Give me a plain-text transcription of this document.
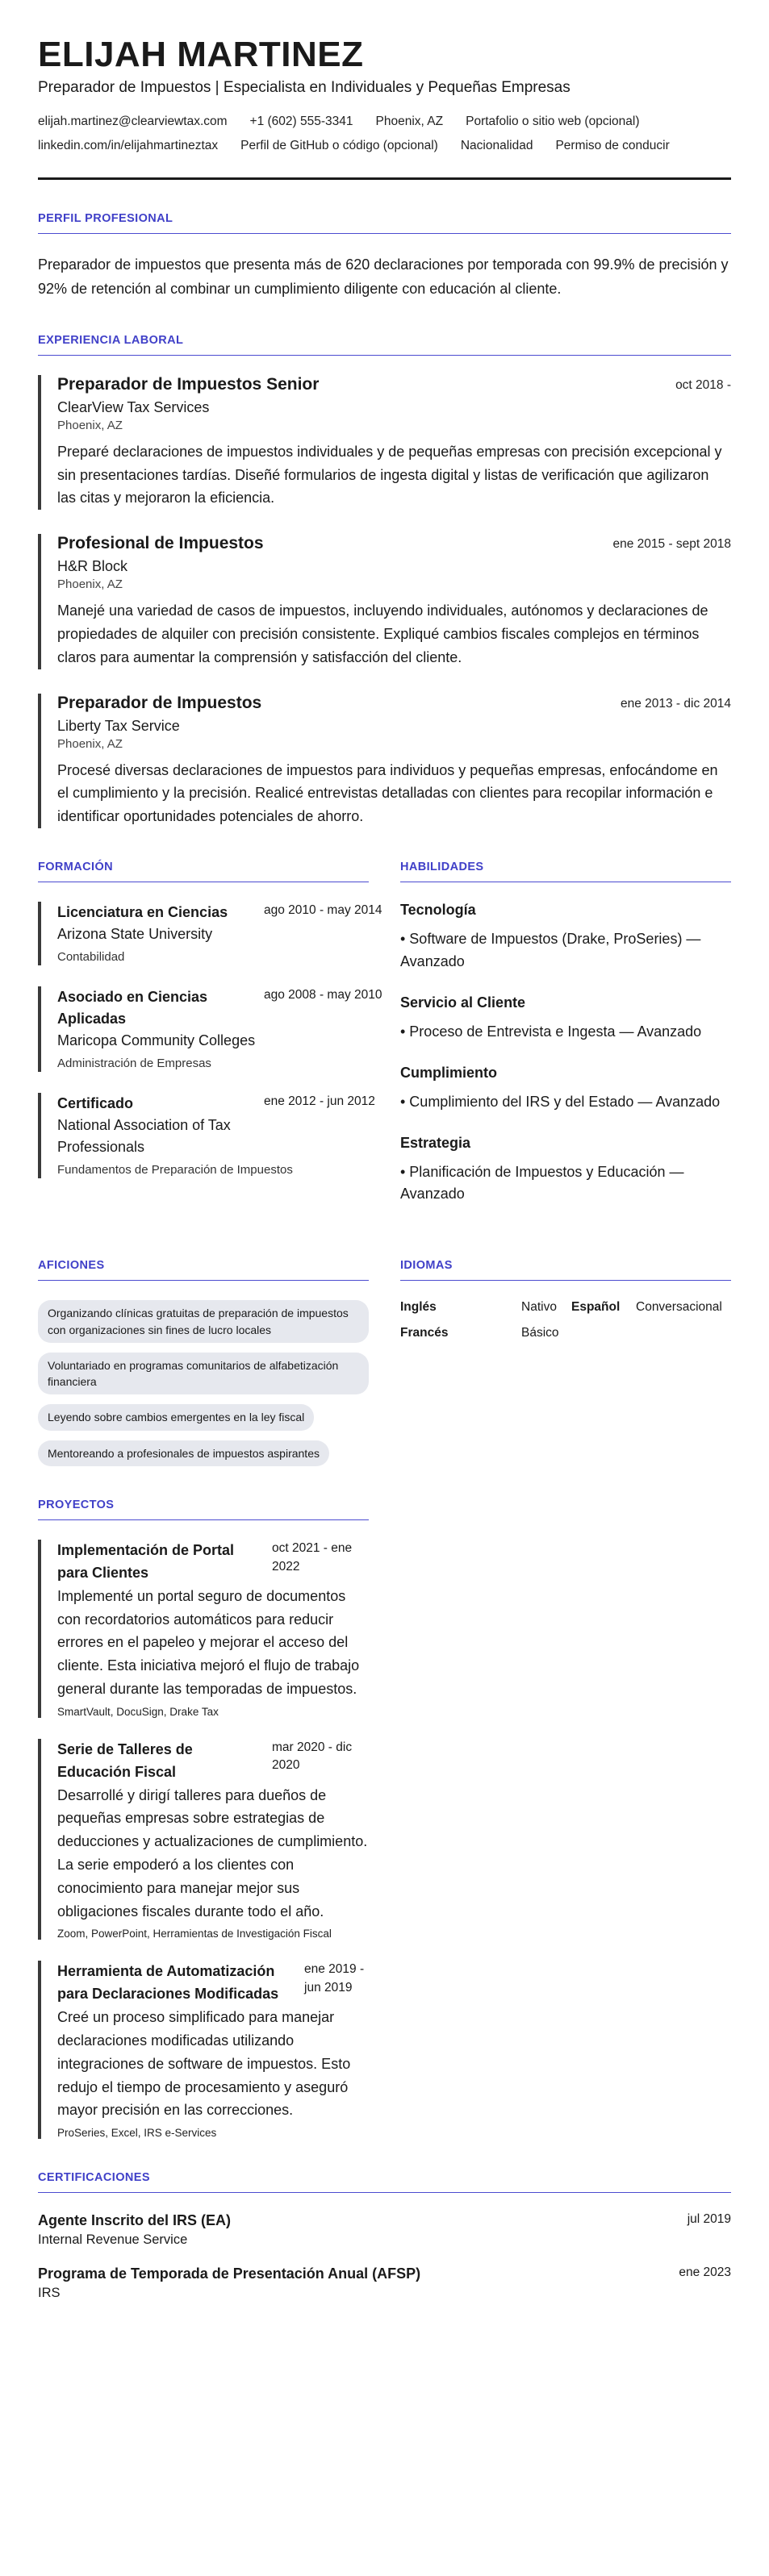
ELIJAH MARTINEZ
Preparador de Impuestos | Especialista en Individuales y Pequeñas Empresas
elijah.martinez@clearviewtax.com +1 (602) 555-3341 Phoenix, AZ Portafolio o sitio web (opcional)
linkedin.com/in/elijahmartineztax Perfil de GitHub o código (opcional) Nacionalidad Permiso de conducir
PERFIL PROFESIONAL

Preparador de impuestos que presenta más de 620 declaraciones por temporada con 99.9% de precisión y 92% de retención al combinar un cumplimiento diligente con educación al cliente.

EXPERIENCIA LABORAL
Preparador de Impuestos Senior	oct 2018 -
ClearView Tax Services
Phoenix, AZ
Preparé declaraciones de impuestos individuales y de pequeñas empresas con precisión excepcional y sin presentaciones tardías. Diseñé formularios de ingesta digital y listas de verificación que agilizaron las citas y mejoraron la eficiencia.
Profesional de Impuestos	ene 2015 - sept 2018
H&R Block
Phoenix, AZ
Manejé una variedad de casos de impuestos, incluyendo individuales, autónomos y declaraciones de propiedades de alquiler con precisión consistente. Expliqué cambios fiscales complejos en términos claros para aumentar la comprensión y satisfacción del cliente.
Preparador de Impuestos	ene 2013 - dic 2014
Liberty Tax Service
Phoenix, AZ
Procesé diversas declaraciones de impuestos para individuos y pequeñas empresas, enfocándome en el cumplimiento y la precisión. Realicé entrevistas detalladas con clientes para recopilar información e identificar oportunidades potenciales de ahorro.
FORMACIÓN
Licenciatura en Ciencias
Arizona State University
ago 2010 - may 2014
Contabilidad
Asociado en Ciencias Aplicadas
Maricopa Community Colleges
ago 2008 - may 2010
Administración de Empresas
Certificado
National Association of Tax Professionals
ene 2012 - jun 2012
Fundamentos de Preparación de Impuestos
HABILIDADES
Tecnología
• Software de Impuestos (Drake, ProSeries) — Avanzado
Servicio al Cliente
• Proceso de Entrevista e Ingesta — Avanzado
Cumplimiento
• Cumplimiento del IRS y del Estado — Avanzado
Estrategia
• Planificación de Impuestos y Educación — Avanzado
AFICIONES
Organizando clínicas gratuitas de preparación de impuestos con organizaciones sin fines de lucro locales
Voluntariado en programas comunitarios de alfabetización financiera
Leyendo sobre cambios emergentes en la ley fiscal
Mentoreando a profesionales de impuestos aspirantes
IDIOMAS
Inglés	Nativo	Español	Conversacional
Francés	Básico
PROYECTOS
Implementación de Portal para Clientes
oct 2021 - ene 2022
Implementé un portal seguro de documentos con recordatorios automáticos para reducir errores en el papeleo y mejorar el acceso del cliente. Esta iniciativa mejoró el flujo de trabajo general durante las temporadas de impuestos.
SmartVault, DocuSign, Drake Tax
Serie de Talleres de Educación Fiscal
mar 2020 - dic 2020
Desarrollé y dirigí talleres para dueños de pequeñas empresas sobre estrategias de deducciones y actualizaciones de cumplimiento. La serie empoderó a los clientes con conocimiento para manejar mejor sus obligaciones fiscales durante todo el año.
Zoom, PowerPoint, Herramientas de Investigación Fiscal
Herramienta de Automatización para Declaraciones Modificadas
ene 2019 - jun 2019
Creé un proceso simplificado para manejar declaraciones modificadas utilizando integraciones de software de impuestos. Esto redujo el tiempo de procesamiento y aseguró mayor precisión en las correcciones.
ProSeries, Excel, IRS e-Services
CERTIFICACIONES
Agente Inscrito del IRS (EA)	jul 2019
Internal Revenue Service
Programa de Temporada de Presentación Anual (AFSP)	ene 2023
IRS
